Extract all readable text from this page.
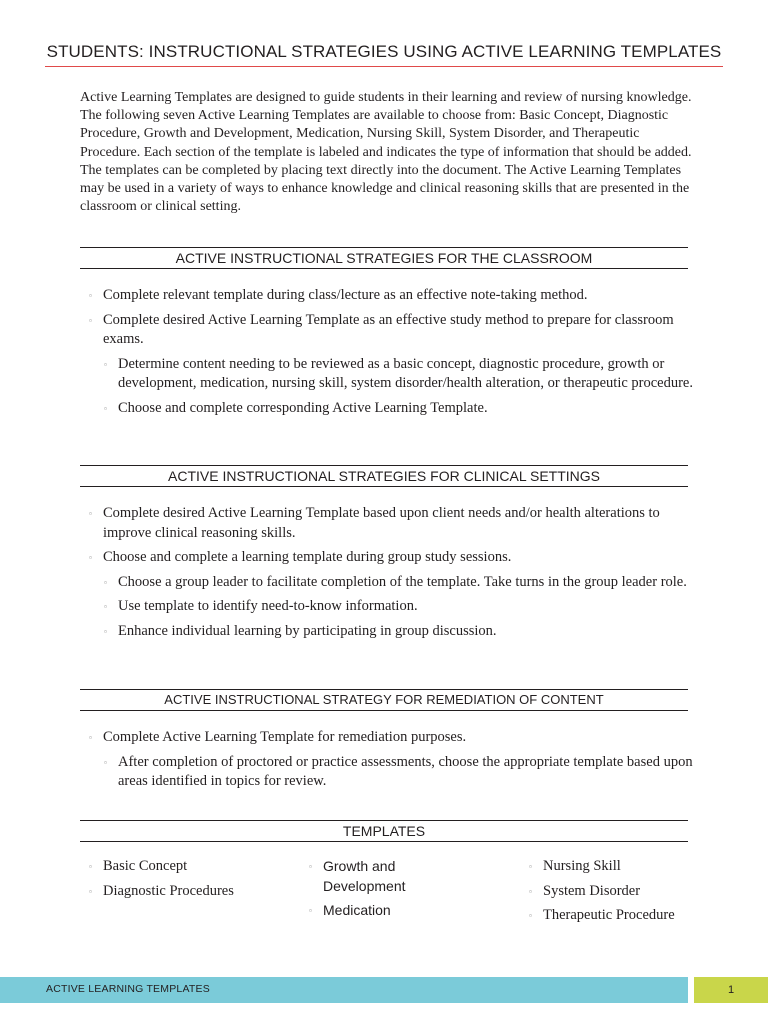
STUDENTS: INSTRUCTIONAL STRATEGIES USING ACTIVE LEARNING TEMPLATES

Active Learning Templates are designed to guide students in their learning and review of nursing knowledge. The following seven Active Learning Templates are available to choose from: Basic Concept, Diagnostic Procedure, Growth and Development, Medication, Nursing Skill, System Disorder, and Therapeutic Procedure. Each section of the template is labeled and indicates the type of information that should be added. The templates can be completed by placing text directly into the document. The Active Learning Templates may be used in a variety of ways to enhance knowledge and clinical reasoning skills that are presented in the classroom or clinical setting.

ACTIVE INSTRUCTIONAL STRATEGIES FOR THE CLASSROOM
▫ Complete relevant template during class/lecture as an effective note-taking method.
▫ Complete desired Active Learning Template as an effective study method to prepare for classroom exams.
▫ Determine content needing to be reviewed as a basic concept, diagnostic procedure, growth or development, medication, nursing skill, system disorder/health alteration, or therapeutic procedure.
▫ Choose and complete corresponding Active Learning Template.
ACTIVE INSTRUCTIONAL STRATEGIES FOR CLINICAL SETTINGS
▫ Complete desired Active Learning Template based upon client needs and/or health alterations to improve clinical reasoning skills.
▫ Choose and complete a learning template during group study sessions.
▫ Choose a group leader to facilitate completion of the template. Take turns in the group leader role.
▫ Use template to identify need-to-know information.
▫ Enhance individual learning by participating in group discussion.
ACTIVE INSTRUCTIONAL STRATEGY FOR REMEDIATION OF CONTENT
▫ Complete Active Learning Template for remediation purposes.
▫ After completion of proctored or practice assessments, choose the appropriate template based upon areas identified in topics for review.
TEMPLATES
▫ Basic Concept
▫ Diagnostic Procedures
▫ Growth and Development
▫ Medication
▫ Nursing Skill
▫ System Disorder
▫ Therapeutic Procedure
ACTIVE LEARNING TEMPLATES	1
